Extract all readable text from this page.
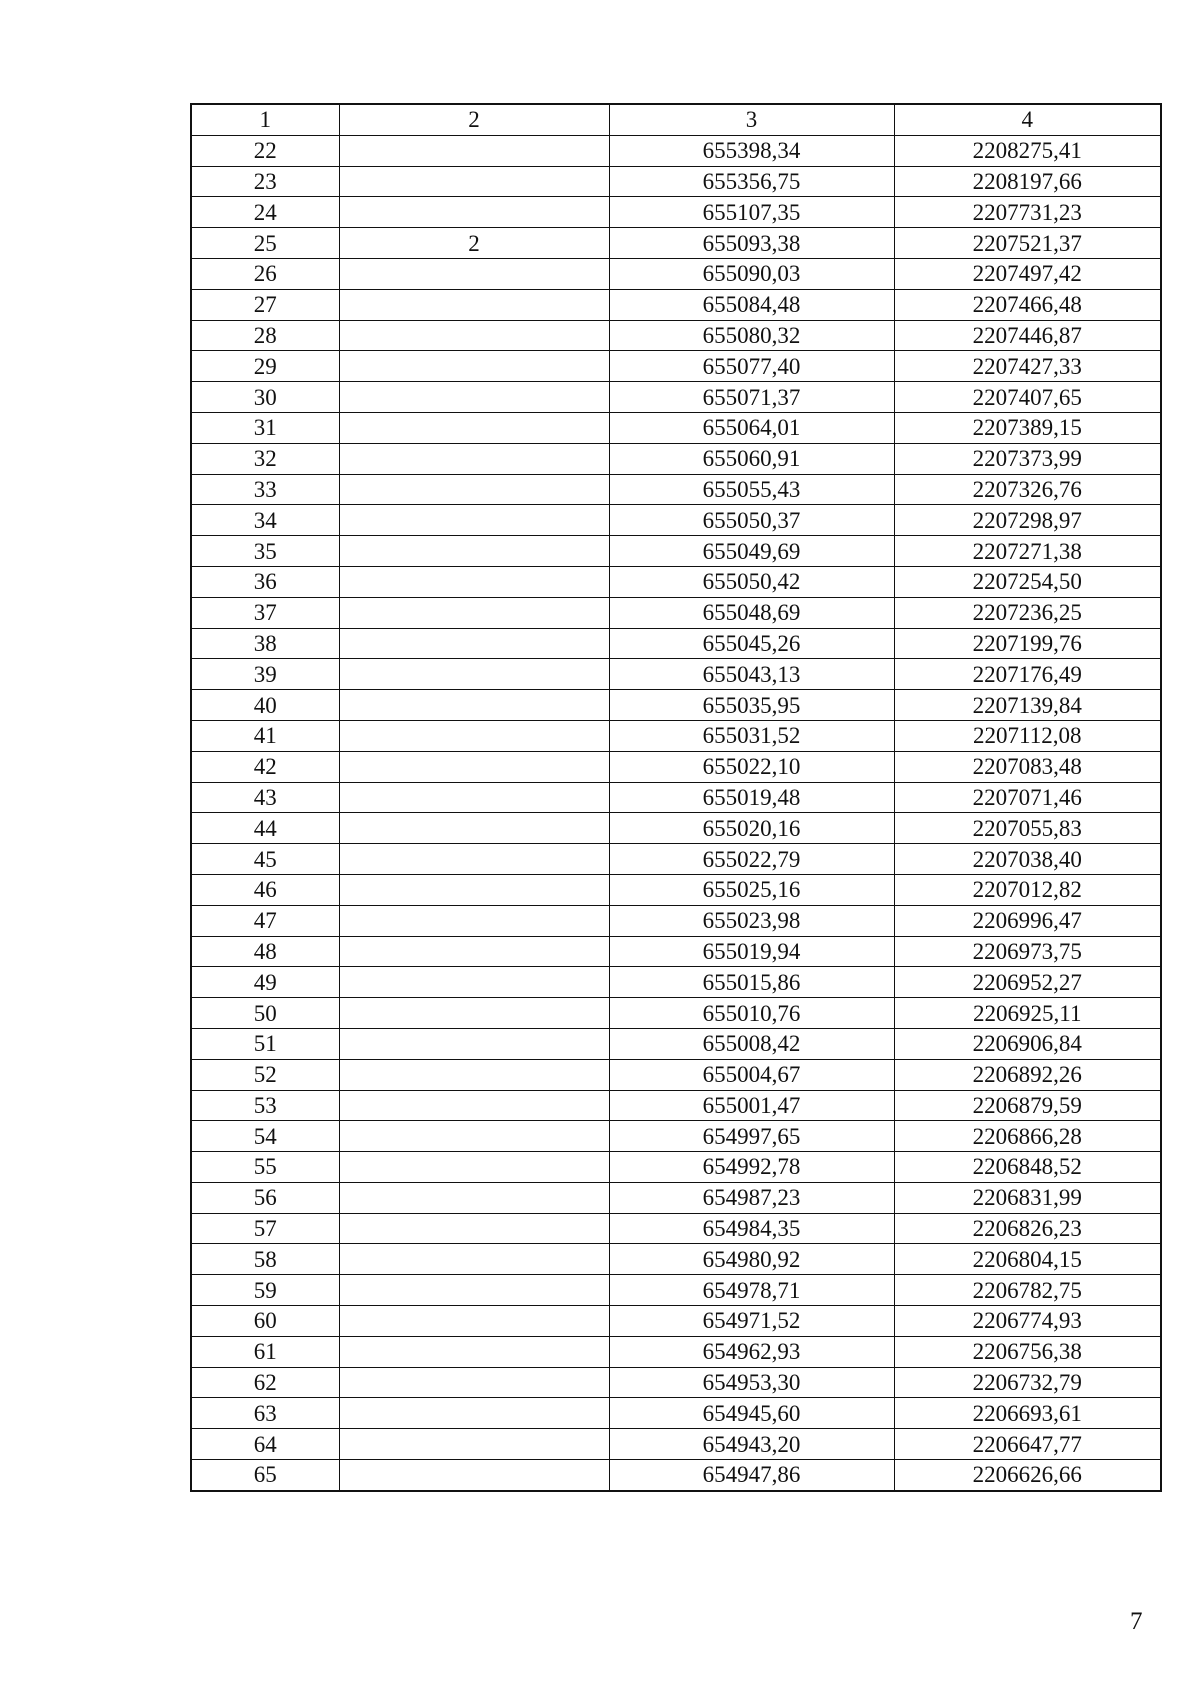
1	2	3	4
22		655398,34	2208275,41
23		655356,75	2208197,66
24		655107,35	2207731,23
25	2	655093,38	2207521,37
26		655090,03	2207497,42
27		655084,48	2207466,48
28		655080,32	2207446,87
29		655077,40	2207427,33
30		655071,37	2207407,65
31		655064,01	2207389,15
32		655060,91	2207373,99
33		655055,43	2207326,76
34		655050,37	2207298,97
35		655049,69	2207271,38
36		655050,42	2207254,50
37		655048,69	2207236,25
38		655045,26	2207199,76
39		655043,13	2207176,49
40		655035,95	2207139,84
41		655031,52	2207112,08
42		655022,10	2207083,48
43		655019,48	2207071,46
44		655020,16	2207055,83
45		655022,79	2207038,40
46		655025,16	2207012,82
47		655023,98	2206996,47
48		655019,94	2206973,75
49		655015,86	2206952,27
50		655010,76	2206925,11
51		655008,42	2206906,84
52		655004,67	2206892,26
53		655001,47	2206879,59
54		654997,65	2206866,28
55		654992,78	2206848,52
56		654987,23	2206831,99
57		654984,35	2206826,23
58		654980,92	2206804,15
59		654978,71	2206782,75
60		654971,52	2206774,93
61		654962,93	2206756,38
62		654953,30	2206732,79
63		654945,60	2206693,61
64		654943,20	2206647,77
65		654947,86	2206626,66
7
